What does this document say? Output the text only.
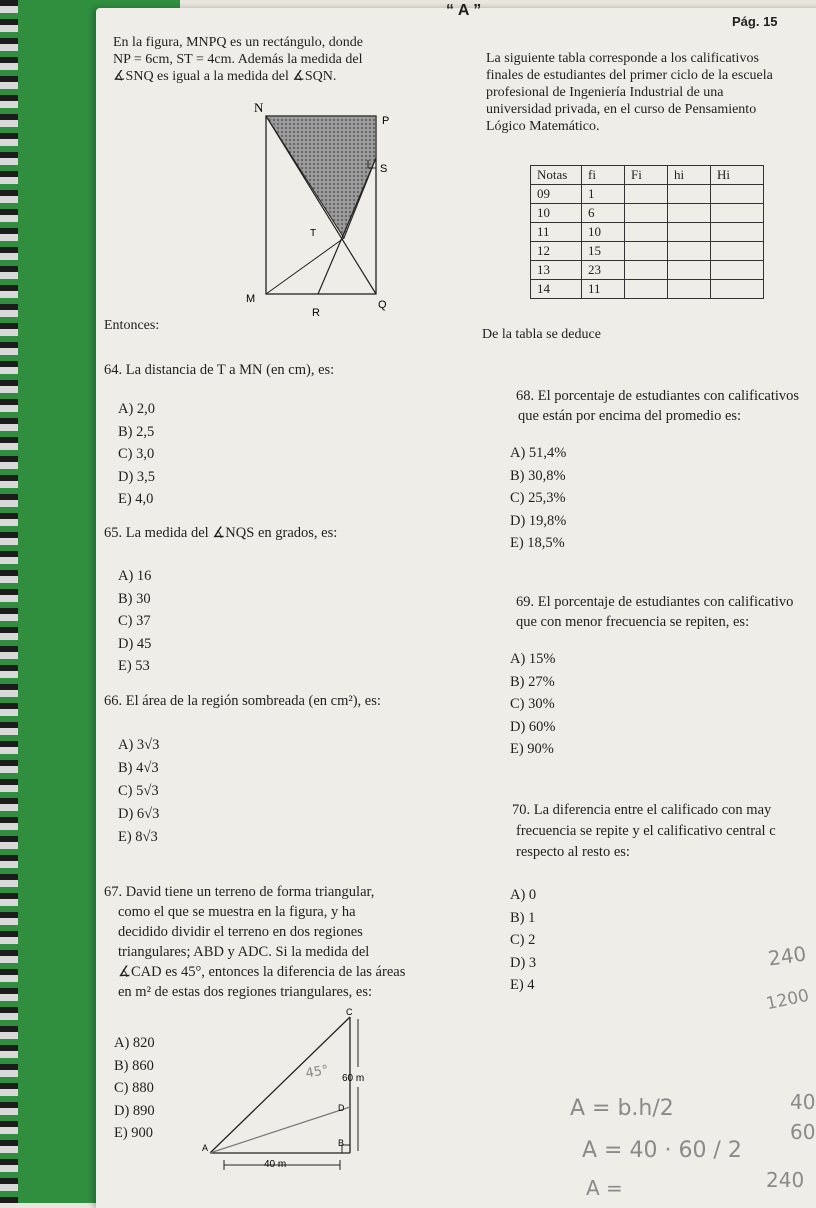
“ A ”
Pág. 15
En la figura, MNPQ es un rectángulo, donde
NP = 6cm, ST = 4cm. Además la medida del
∡SNQ es igual a la medida del ∡SQN.
N
P
S
T
M
R
Q
Entonces:
La siguiente tabla corresponde a los calificativos
finales de estudiantes del primer ciclo de la escuela
profesional de Ingeniería Industrial de una
universidad privada, en el curso de Pensamiento
Lógico Matemático.
Notas	fi	Fi	hi	Hi
09	1			
10	6			
11	10			
12	15			
13	23			
14	11			
De la tabla se deduce
64. La distancia de T a MN (en cm), es:
A) 2,0
B) 2,5
C) 3,0
D) 3,5
E) 4,0
65. La medida del ∡NQS en grados, es:
A) 16
B) 30
C) 37
D) 45
E) 53
66. El área de la región sombreada (en cm²), es:
A) 3√3
B) 4√3
C) 5√3
D) 6√3
E) 8√3
67. David tiene un terreno de forma triangular,
como el que se muestra en la figura, y ha
decidido dividir el terreno en dos regiones
triangulares; ABD y ADC. Si la medida del
∡CAD es 45°, entonces la diferencia de las áreas
en m² de estas dos regiones triangulares, es:
A) 820
B) 860
C) 880
D) 890
E) 900
C
A	B
D
60 m
40 m
45°
68. El porcentaje de estudiantes con calificativos
que están por encima del promedio es:
A) 51,4%
B) 30,8%
C) 25,3%
D) 19,8%
E) 18,5%
69. El porcentaje de estudiantes con calificativo
que con menor frecuencia se repiten, es:
A) 15%
B) 27%
C) 30%
D) 60%
E) 90%
70. La diferencia entre el calificado con may
frecuencia se repite y el calificativo central c
respecto al resto es:
A) 0
B) 1
C) 2
D) 3
E) 4
A = b.h/2
A = 40 · 60 / 2
A =
240
1200
40
60
240
